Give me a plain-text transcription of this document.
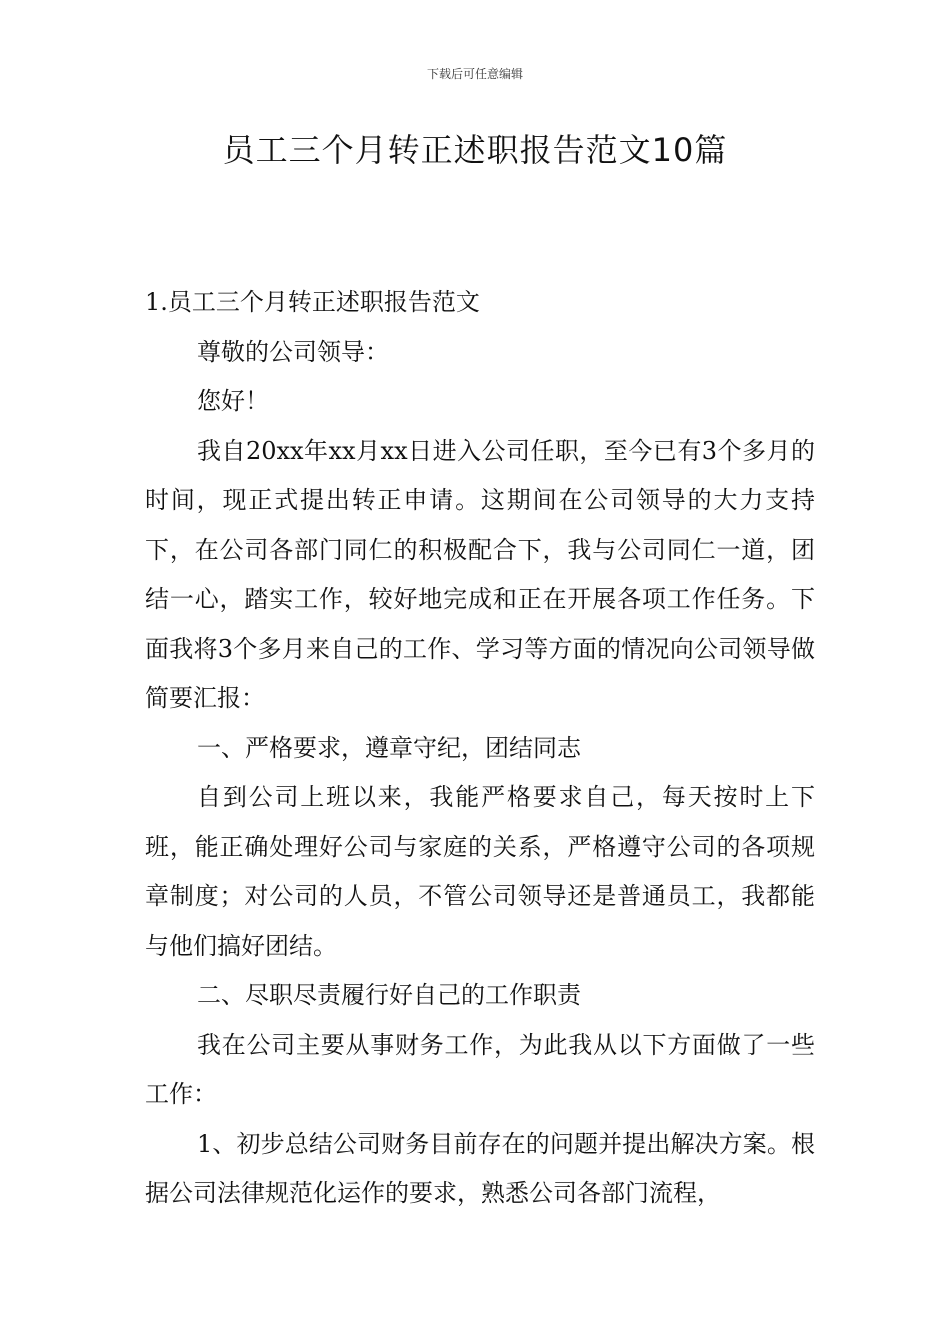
下载后可任意编辑
员工三个月转正述职报告范文10篇

1.员工三个月转正述职报告范文

尊敬的公司领导：

您好！

我自20xx年xx月xx日进入公司任职，至今已有3个多月的时间，现正式提出转正申请。这期间在公司领导的大力支持下，在公司各部门同仁的积极配合下，我与公司同仁一道，团结一心，踏实工作，较好地完成和正在开展各项工作任务。下面我将3个多月来自己的工作、学习等方面的情况向公司领导做简要汇报：

一、严格要求，遵章守纪，团结同志

自到公司上班以来，我能严格要求自己，每天按时上下班，能正确处理好公司与家庭的关系，严格遵守公司的各项规章制度；对公司的人员，不管公司领导还是普通员工，我都能与他们搞好团结。

二、尽职尽责履行好自己的工作职责

我在公司主要从事财务工作，为此我从以下方面做了一些工作：

1、初步总结公司财务目前存在的问题并提出解决方案。根据公司法律规范化运作的要求，熟悉公司各部门流程，
